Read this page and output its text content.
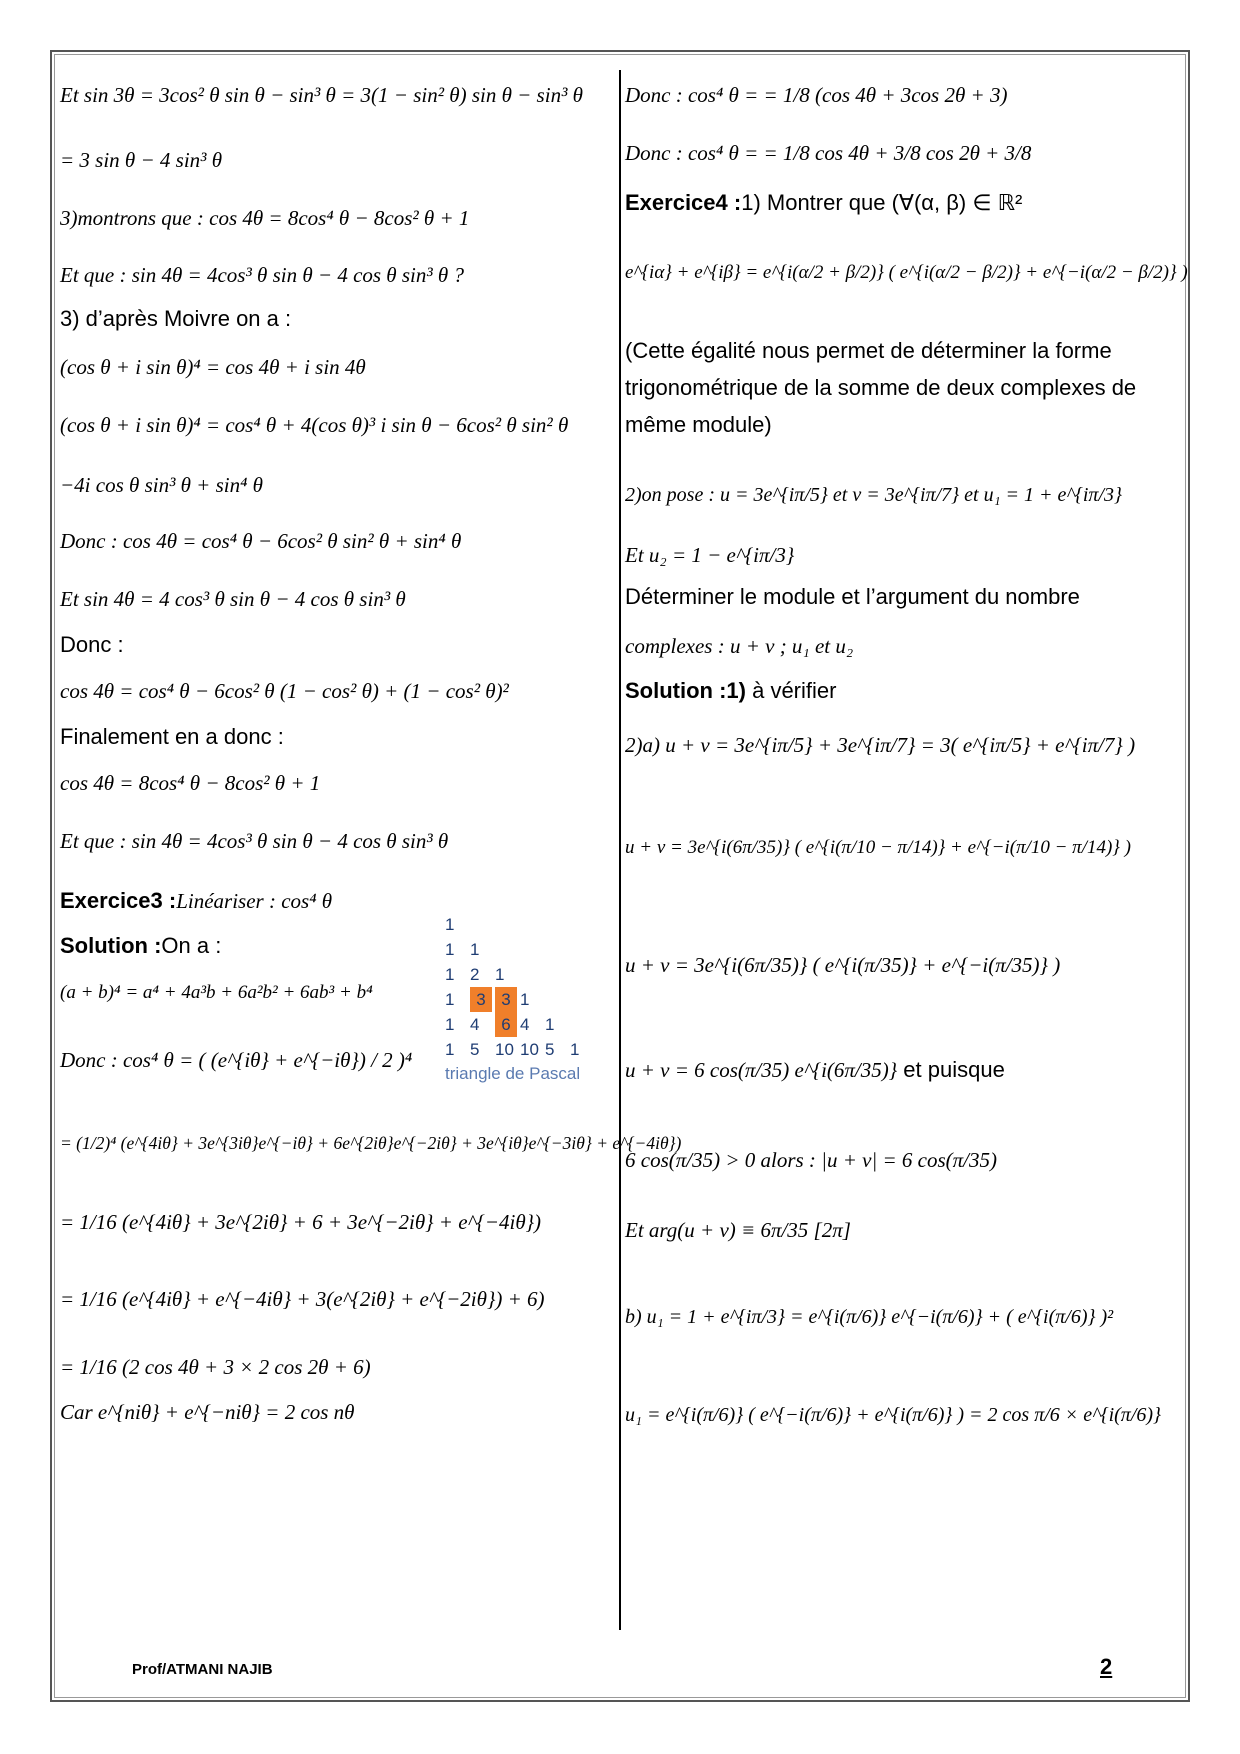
Et sin 3θ = 3cos² θ sin θ − sin³ θ = 3(1 − sin² θ) sin θ − sin³ θ
= 3 sin θ − 4 sin³ θ
3)montrons que : cos 4θ = 8cos⁴ θ − 8cos² θ + 1
Et que : sin 4θ = 4cos³ θ sin θ − 4 cos θ sin³ θ ?
3) d’après Moivre on a :
(cos θ + i sin θ)⁴ = cos 4θ + i sin 4θ
(cos θ + i sin θ)⁴ = cos⁴ θ + 4(cos θ)³ i sin θ − 6cos² θ sin² θ
−4i cos θ sin³ θ + sin⁴ θ
Donc : cos 4θ = cos⁴ θ − 6cos² θ sin² θ + sin⁴ θ
Et sin 4θ = 4 cos³ θ sin θ − 4 cos θ sin³ θ
Donc :
cos 4θ = cos⁴ θ − 6cos² θ (1 − cos² θ) + (1 − cos² θ)²
Finalement en a donc :
cos 4θ = 8cos⁴ θ − 8cos² θ + 1
Et que : sin 4θ = 4cos³ θ sin θ − 4 cos θ sin³ θ
Exercice3 :Linéariser : cos⁴ θ
Solution :On a :
(a + b)⁴ = a⁴ + 4a³b + 6a²b² + 6ab³ + b⁴
Donc : cos⁴ θ = ( (e^{iθ} + e^{−iθ}) / 2 )⁴
= (1/2)⁴ (e^{4iθ} + 3e^{3iθ}e^{−iθ} + 6e^{2iθ}e^{−2iθ} + 3e^{iθ}e^{−3iθ} + e^{−4iθ})
= 1/16 (e^{4iθ} + 3e^{2iθ} + 6 + 3e^{−2iθ} + e^{−4iθ})
= 1/16 (e^{4iθ} + e^{−4iθ} + 3(e^{2iθ} + e^{−2iθ}) + 6)
= 1/16 (2 cos 4θ + 3 × 2 cos 2θ + 6)
Car e^{niθ} + e^{−niθ} = 2 cos nθ
1
1 1
1 2 1
1 3 3 1
1 4 6 4 1
1 5 10 10 5 1
triangle de Pascal
Donc : cos⁴ θ = = 1/8 (cos 4θ + 3cos 2θ + 3)
Donc : cos⁴ θ = = 1/8 cos 4θ + 3/8 cos 2θ + 3/8
Exercice4 :1) Montrer que (∀(α, β) ∈ ℝ²
e^{iα} + e^{iβ} = e^{i(α/2 + β/2)} ( e^{i(α/2 − β/2)} + e^{−i(α/2 − β/2)} )
(Cette égalité nous permet de déterminer la forme trigonométrique de la somme de deux complexes de même module)
2)on pose : u = 3e^{iπ/5} et v = 3e^{iπ/7} et u₁ = 1 + e^{iπ/3}
Et u₂ = 1 − e^{iπ/3}
Déterminer le module et l’argument du nombre
complexes : u + v ; u₁ et u₂
Solution :1) à vérifier
2)a) u + v = 3e^{iπ/5} + 3e^{iπ/7} = 3( e^{iπ/5} + e^{iπ/7} )
u + v = 3e^{i(6π/35)} ( e^{i(π/10 − π/14)} + e^{−i(π/10 − π/14)} )
u + v = 3e^{i(6π/35)} ( e^{i(π/35)} + e^{−i(π/35)} )
u + v = 6 cos(π/35) e^{i(6π/35)} et puisque
6 cos(π/35) > 0 alors : |u + v| = 6 cos(π/35)
Et arg(u + v) ≡ 6π/35 [2π]
b) u₁ = 1 + e^{iπ/3} = e^{i(π/6)} e^{−i(π/6)} + ( e^{i(π/6)} )²
u₁ = e^{i(π/6)} ( e^{−i(π/6)} + e^{i(π/6)} ) = 2 cos π/6 × e^{i(π/6)}
Prof/ATMANI NAJIB	2
